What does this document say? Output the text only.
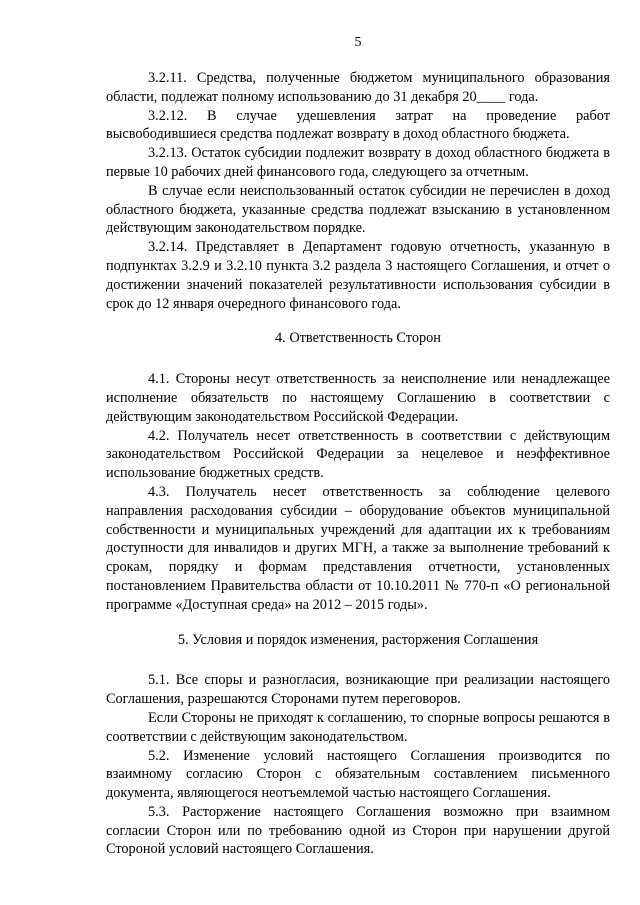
5

3.2.11. Средства, полученные бюджетом муниципального образования области, подлежат полному использованию до 31 декабря 20____ года.

3.2.12. В случае удешевления затрат на проведение работ высвободившиеся средства подлежат возврату в доход областного бюджета.

3.2.13. Остаток субсидии подлежит возврату в доход областного бюджета в первые 10 рабочих дней финансового года, следующего за отчетным.

В случае если неиспользованный остаток субсидии не перечислен в доход областного бюджета, указанные средства подлежат взысканию в установленном действующим законодательством порядке.

3.2.14. Представляет в Департамент годовую отчетность, указанную в подпунктах 3.2.9 и 3.2.10 пункта 3.2 раздела 3 настоящего Соглашения, и отчет о достижении значений показателей результативности использования субсидии в срок до 12 января очередного финансового года.

4. Ответственность Сторон

4.1. Стороны несут ответственность за неисполнение или ненадлежащее исполнение обязательств по настоящему Соглашению в соответствии с действующим законодательством Российской Федерации.

4.2. Получатель несет ответственность в соответствии с действующим законодательством Российской Федерации за нецелевое и неэффективное использование бюджетных средств.

4.3. Получатель несет ответственность за соблюдение целевого направления расходования субсидии – оборудование объектов муниципальной собственности и муниципальных учреждений для адаптации их к требованиям доступности для инвалидов и других МГН, а также за выполнение требований к срокам, порядку и формам представления отчетности, установленных постановлением Правительства области от 10.10.2011 № 770-п «О региональной программе «Доступная среда» на 2012 – 2015 годы».

5. Условия и порядок изменения, расторжения Соглашения

5.1. Все споры и разногласия, возникающие при реализации настоящего Соглашения, разрешаются Сторонами путем переговоров.

Если Стороны не приходят к соглашению, то спорные вопросы решаются в соответствии с действующим законодательством.

5.2. Изменение условий настоящего Соглашения производится по взаимному согласию Сторон с обязательным составлением письменного документа, являющегося неотъемлемой частью настоящего Соглашения.

5.3. Расторжение настоящего Соглашения возможно при взаимном согласии Сторон или по требованию одной из Сторон при нарушении другой Стороной условий настоящего Соглашения.
